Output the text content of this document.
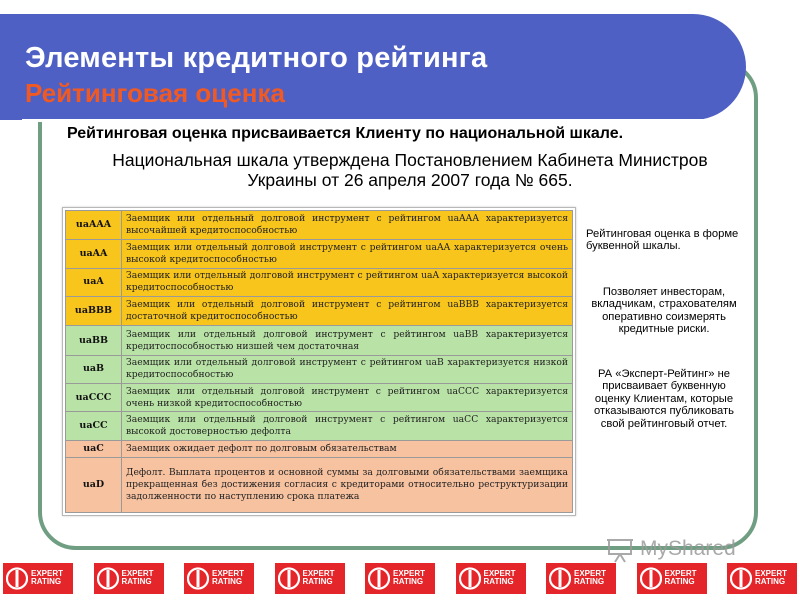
Элементы кредитного рейтинга
Рейтинговая оценка
Рейтинговая оценка присваивается Клиенту по национальной шкале.
Национальная шкала утверждена Постановлением Кабинета Министров Украины от 26 апреля 2007 года № 665.
uaAAA	Заемщик или отдельный долговой инструмент с рейтингом uaAAA характеризуется высочайшей кредитоспособностью
uaAA	Заемщик или отдельный долговой инструмент с рейтингом uaAA характеризуется очень высокой кредитоспособностью
uaA	Заемщик или отдельный долговой инструмент с рейтингом uaA характеризуется высокой кредитоспособностью
uaBBB	Заемщик или отдельный долговой инструмент с рейтингом uaBBB характеризуется достаточной кредитоспособностью
uaBB	Заемщик или отдельный долговой инструмент с рейтингом uaBB характеризуется кредитоспособностью низшей чем достаточная
uaB	Заемщик или отдельный долговой инструмент с рейтингом uaB характеризуется низкой кредитоспособностью
uaCCC	Заемщик или отдельный долговой инструмент с рейтингом uaCCC характеризуется очень низкой кредитоспособностью
uaCC	Заемщик или отдельный долговой инструмент с рейтингом uaCC характеризуется высокой достоверностью дефолта
uaC	Заемщик ожидает дефолт по долговым обязательствам
uaD	Дефолт. Выплата процентов и основной суммы за долговыми обязательствами заемщика прекращенная без достижения согласия с кредиторами относительно реструктуризации задолженности по наступлению срока платежа
Рейтинговая оценка в форме буквенной шкалы.
Позволяет инвесторам, вкладчикам, страхователям оперативно соизмерять кредитные риски.
РА «Эксперт-Рейтинг» не присваивает буквенную оценку Клиентам, которые отказываются публиковать свой рейтинговый отчет.
MyShared
EXPERT
RATING
EXPERT
RATING
EXPERT
RATING
EXPERT
RATING
EXPERT
RATING
EXPERT
RATING
EXPERT
RATING
EXPERT
RATING
EXPERT
RATING
